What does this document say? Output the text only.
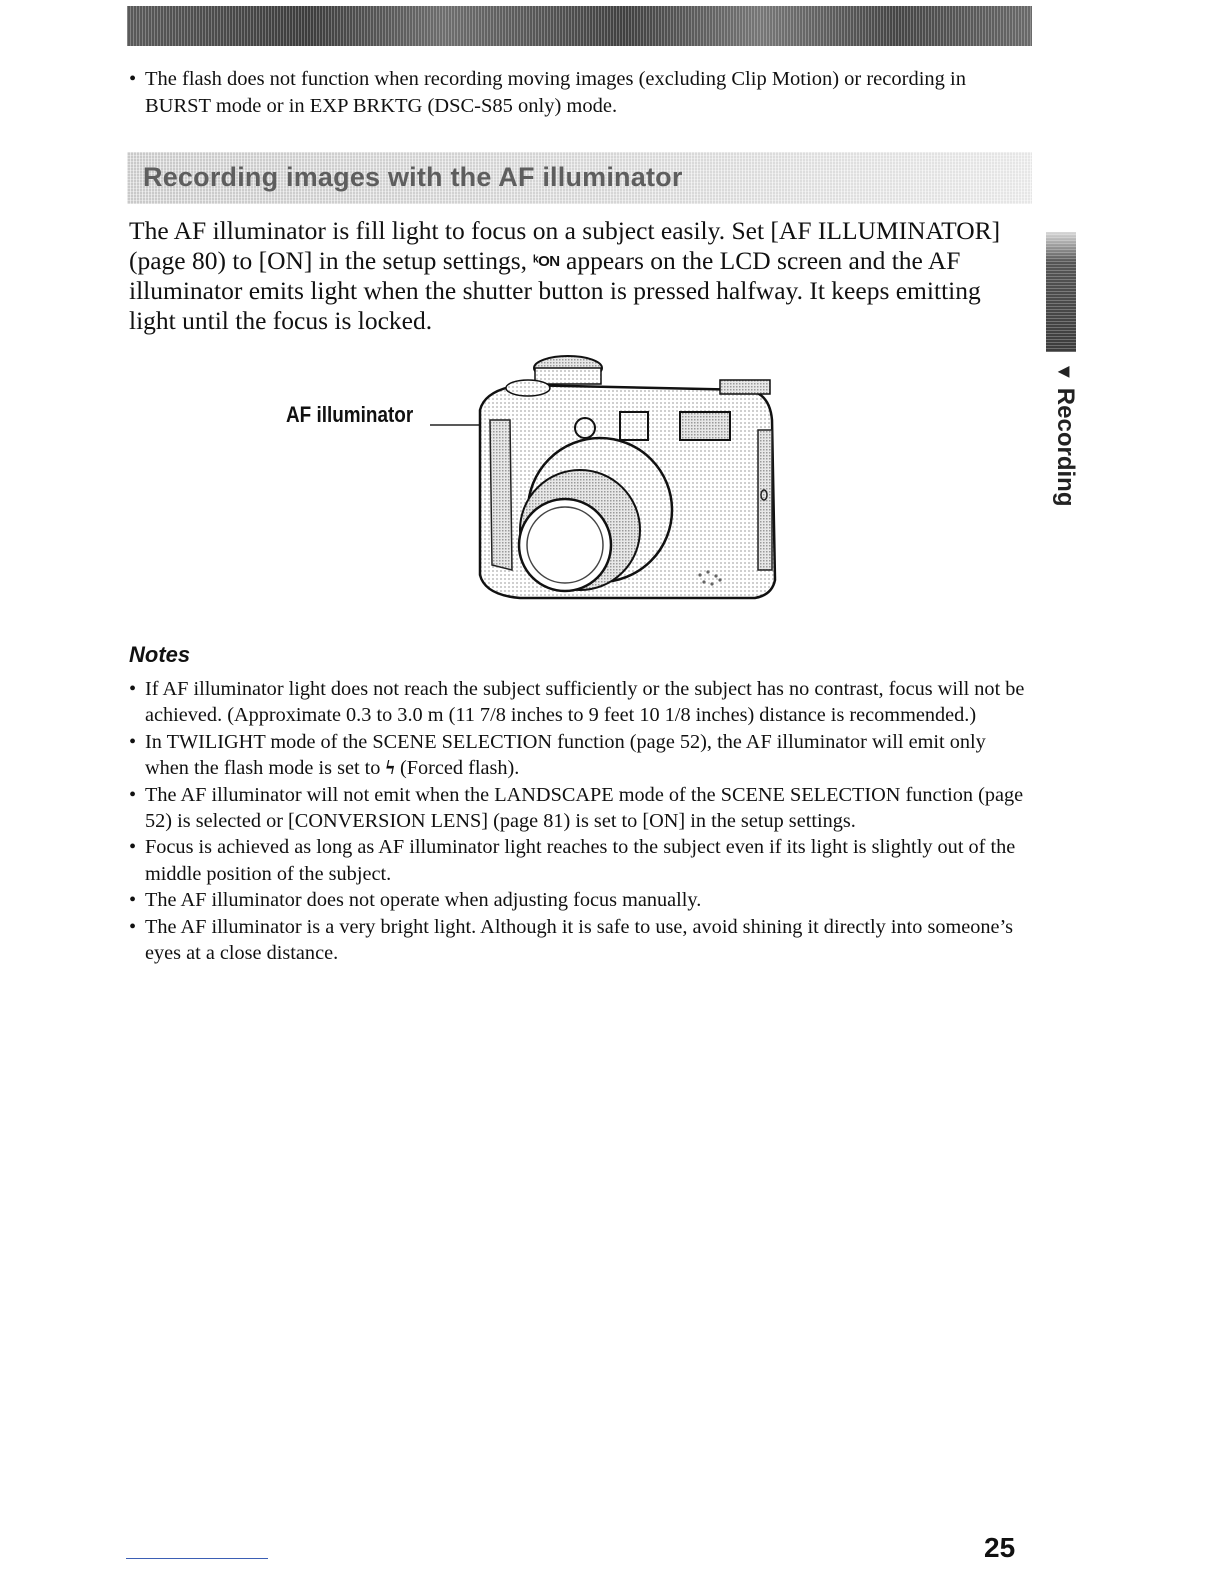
• The flash does not function when recording moving images (excluding Clip Motion) or recording in BURST mode or in EXP BRKTG (DSC-S85 only) mode.
Recording images with the AF illuminator
The AF illuminator is fill light to focus on a subject easily. Set [AF ILLUMINATOR] (page 80) to [ON] in the setup settings, ᵏON appears on the LCD screen and the AF illuminator emits light when the shutter button is pressed halfway. It keeps emitting light until the focus is locked.
AF illuminator
Notes
• If AF illuminator light does not reach the subject sufficiently or the subject has no contrast, focus will not be achieved. (Approximate 0.3 to 3.0 m (11 7/8 inches to 9 feet 10 1/8 inches) distance is recommended.)
• In TWILIGHT mode of the SCENE SELECTION function (page 52), the AF illuminator will emit only when the flash mode is set to ϟ (Forced flash).
• The AF illuminator will not emit when the LANDSCAPE mode of the SCENE SELECTION function (page 52) is selected or [CONVERSION LENS] (page 81) is set to [ON] in the setup settings.
• Focus is achieved as long as AF illuminator light reaches to the subject even if its light is slightly out of the middle position of the subject.
• The AF illuminator does not operate when adjusting focus manually.
• The AF illuminator is a very bright light. Although it is safe to use, avoid shining it directly into someone’s eyes at a close distance.
▼Recording
25
